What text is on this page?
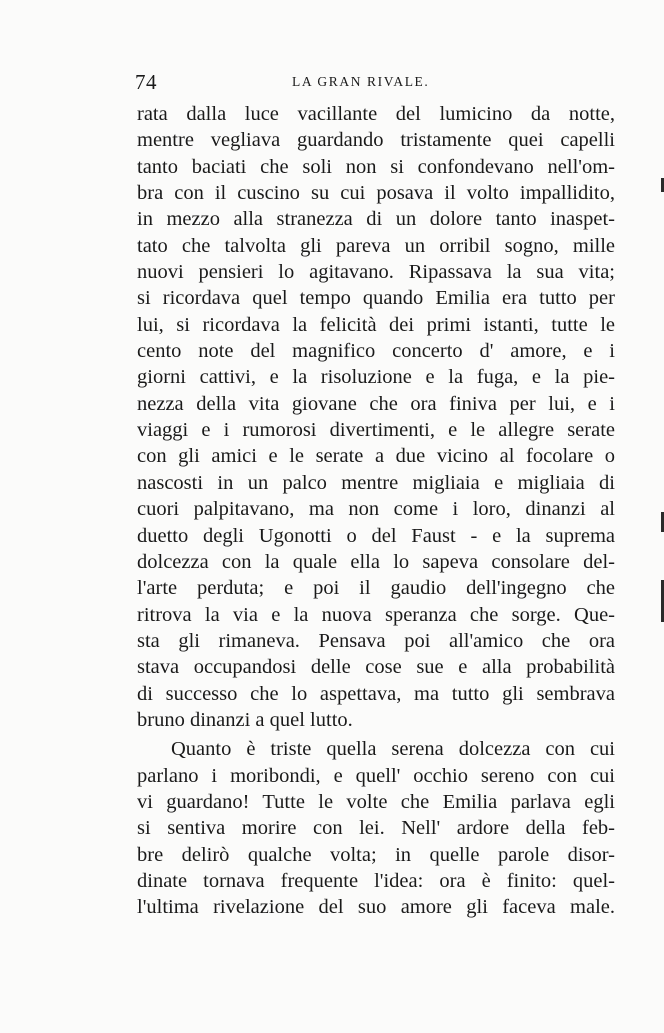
74	LA GRAN RIVALE.
rata dalla luce vacillante del lumicino da notte,
mentre vegliava guardando tristamente quei capelli
tanto baciati che soli non si confondevano nell'om-
bra con il cuscino su cui posava il volto impallidito,
in mezzo alla stranezza di un dolore tanto inaspet-
tato che talvolta gli pareva un orribil sogno, mille
nuovi pensieri lo agitavano. Ripassava la sua vita;
si ricordava quel tempo quando Emilia era tutto per
lui, si ricordava la felicità dei primi istanti, tutte le
cento note del magnifico concerto d' amore, e i
giorni cattivi, e la risoluzione e la fuga, e la pie-
nezza della vita giovane che ora finiva per lui, e i
viaggi e i rumorosi divertimenti, e le allegre serate
con gli amici e le serate a due vicino al focolare o
nascosti in un palco mentre migliaia e migliaia di
cuori palpitavano, ma non come i loro, dinanzi al
duetto degli Ugonotti o del Faust - e la suprema
dolcezza con la quale ella lo sapeva consolare del-
l'arte perduta; e poi il gaudio dell'ingegno che
ritrova la via e la nuova speranza che sorge. Que-
sta gli rimaneva. Pensava poi all'amico che ora
stava occupandosi delle cose sue e alla probabilità
di successo che lo aspettava, ma tutto gli sembrava
bruno dinanzi a quel lutto.
Quanto è triste quella serena dolcezza con cui
parlano i moribondi, e quell' occhio sereno con cui
vi guardano! Tutte le volte che Emilia parlava egli
si sentiva morire con lei. Nell' ardore della feb-
bre delirò qualche volta; in quelle parole disor-
dinate tornava frequente l'idea: ora è finito: quel-
l'ultima rivelazione del suo amore gli faceva male.
